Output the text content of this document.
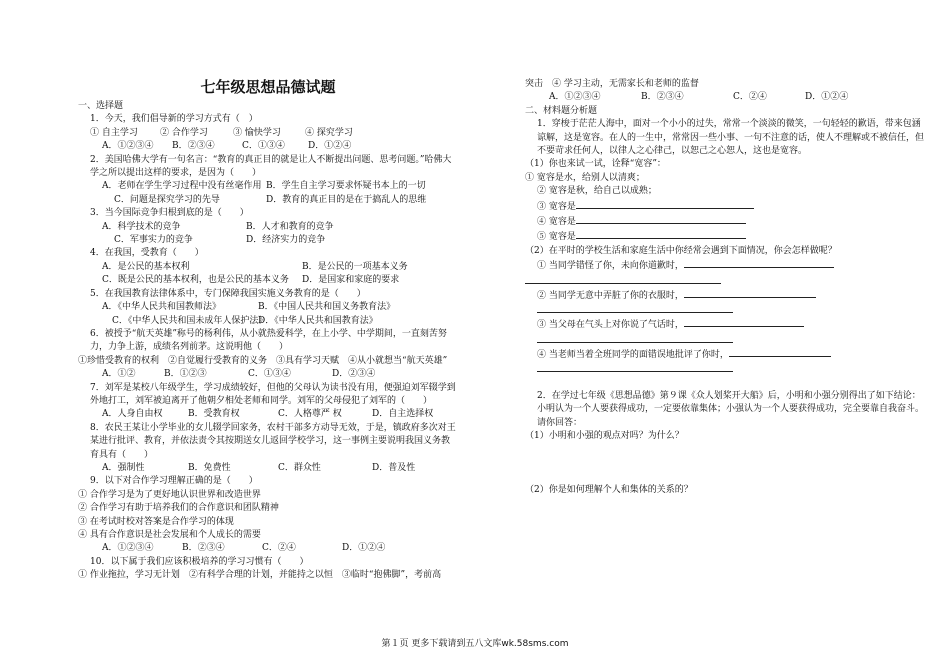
七年级思想品德试题
一、选择题
1．今天，我们倡导新的学习方式有（　）
① 自主学习	② 合作学习	③ 愉快学习	④ 探究学习
A．①②③④	B．②③④	C．①③④	D．①②④
2．美国哈佛大学有一句名言：“教育的真正目的就是让人不断提出问题、思考问题。”哈佛大学之所以提出这样的要求，是因为（　　）
A．老师在学生学习过程中没有丝毫作用 B．学生自主学习要求怀疑书本上的一切
C．问题是探究学习的先导	D．教育的真正目的是在于搞乱人的思维
3．当今国际竞争归根到底的是（　　）
A．科学技术的竞争	B．人才和教育的竞争
C．军事实力的竞争	D．经济实力的竞争
4．在我国，受教育（　　）
A．是公民的基本权利	B．是公民的一项基本义务
C．既是公民的基本权利，也是公民的基本义务	D．是国家和家庭的要求
5．在我国教育法律体系中，专门保障我国实施义务教育的是（　　）
A．《中华人民共和国教师法》	B．《中国人民共和国义务教育法》
C．《中华人民共和国未成年人保护法》
D．《中华人民共和国教育法》
6．被授予“航天英雄”称号的杨利伟，从小就热爱科学，在上小学、中学期间，一直刻苦努力，力争上游，成绩名列前茅。这说明他（　　）
①珍惜受教育的权利　②自觉履行受教育的义务　③具有学习天赋　④从小就想当“航天英雄”
A．①②	B．①②③	C．①③④	D．②③④
7．刘军是某校八年级学生，学习成绩较好，但他的父母认为读书没有用，便强迫刘军辍学到外地打工，刘军被迫离开了他朝夕相处老师和同学。刘军的父母侵犯了刘军的（　　）
A．人身自由权	B．受教育权	C．人格尊严 权	D．自主选择权
8．农民王某让小学毕业的女儿辍学回家务，农村干部多方动导无效，于是，镇政府多次对王某进行批评、教育，并依法责令其按期送女儿返回学校学习，这一事例主要说明我国义务教育具有（　　）
A．强制性	B．免费性	C．群众性	D．普及性
9．以下对合作学习理解正确的是（　　）
① 合作学习是为了更好地认识世界和改造世界
② 合作学习有助于培养我们的合作意识和团队精神
③ 在考试时校对答案是合作学习的体现
④ 具有合作意识是社会发展和个人成长的需要
A．①②③④	B．②③④	C．②④	D．①②④
10．以下属于我们应该积极培养的学习习惯有（　　）
① 作业拖拉，学习无计划　②有科学合理的计划，并能持之以恒　③临时“抱佛脚”，考前高
突击　④ 学习主动，无需家长和老师的监督
A．①②③④	B．②③④	C．②④	D．①②④
二、材料题分析题
1．穿梭于茫茫人海中，面对一个小小的过失，常常一个淡淡的微笑，一句轻轻的歉语，带来包涵谅解，这是宽容。在人的一生中，常常因一些小事、一句不注意的话，使人不理解或不被信任，但不要苛求任何人，以律人之心律己，以恕己之心恕人，这也是宽容。
（1）你也来试一试，诠释“宽容”：
① 宽容是水，给别人以清爽；
② 宽容是秋，给自己以成熟；
③ 宽容是
④ 宽容是
⑤ 宽容是
（2）在平时的学校生活和家庭生活中你经常会遇到下面情况，你会怎样做呢？
① 当同学错怪了你，未向你道歉时，
② 当同学无意中弄脏了你的衣服时，
③ 当父母在气头上对你说了气话时，
④ 当老师当着全班同学的面错误地批评了你时，
2．在学过七年级《思想品德》第９课《众人划桨开大船》后，小明和小强分别得出了如下结论：小明认为一个人要获得成功，一定要依靠集体；小强认为一个人要获得成功，完全要靠自我奋斗。
请你回答：
（1）小明和小强的观点对吗？为什么？
（2）你是如何理解个人和集体的关系的？
第１页 更多下载请到五八文库wk.58sms.com
